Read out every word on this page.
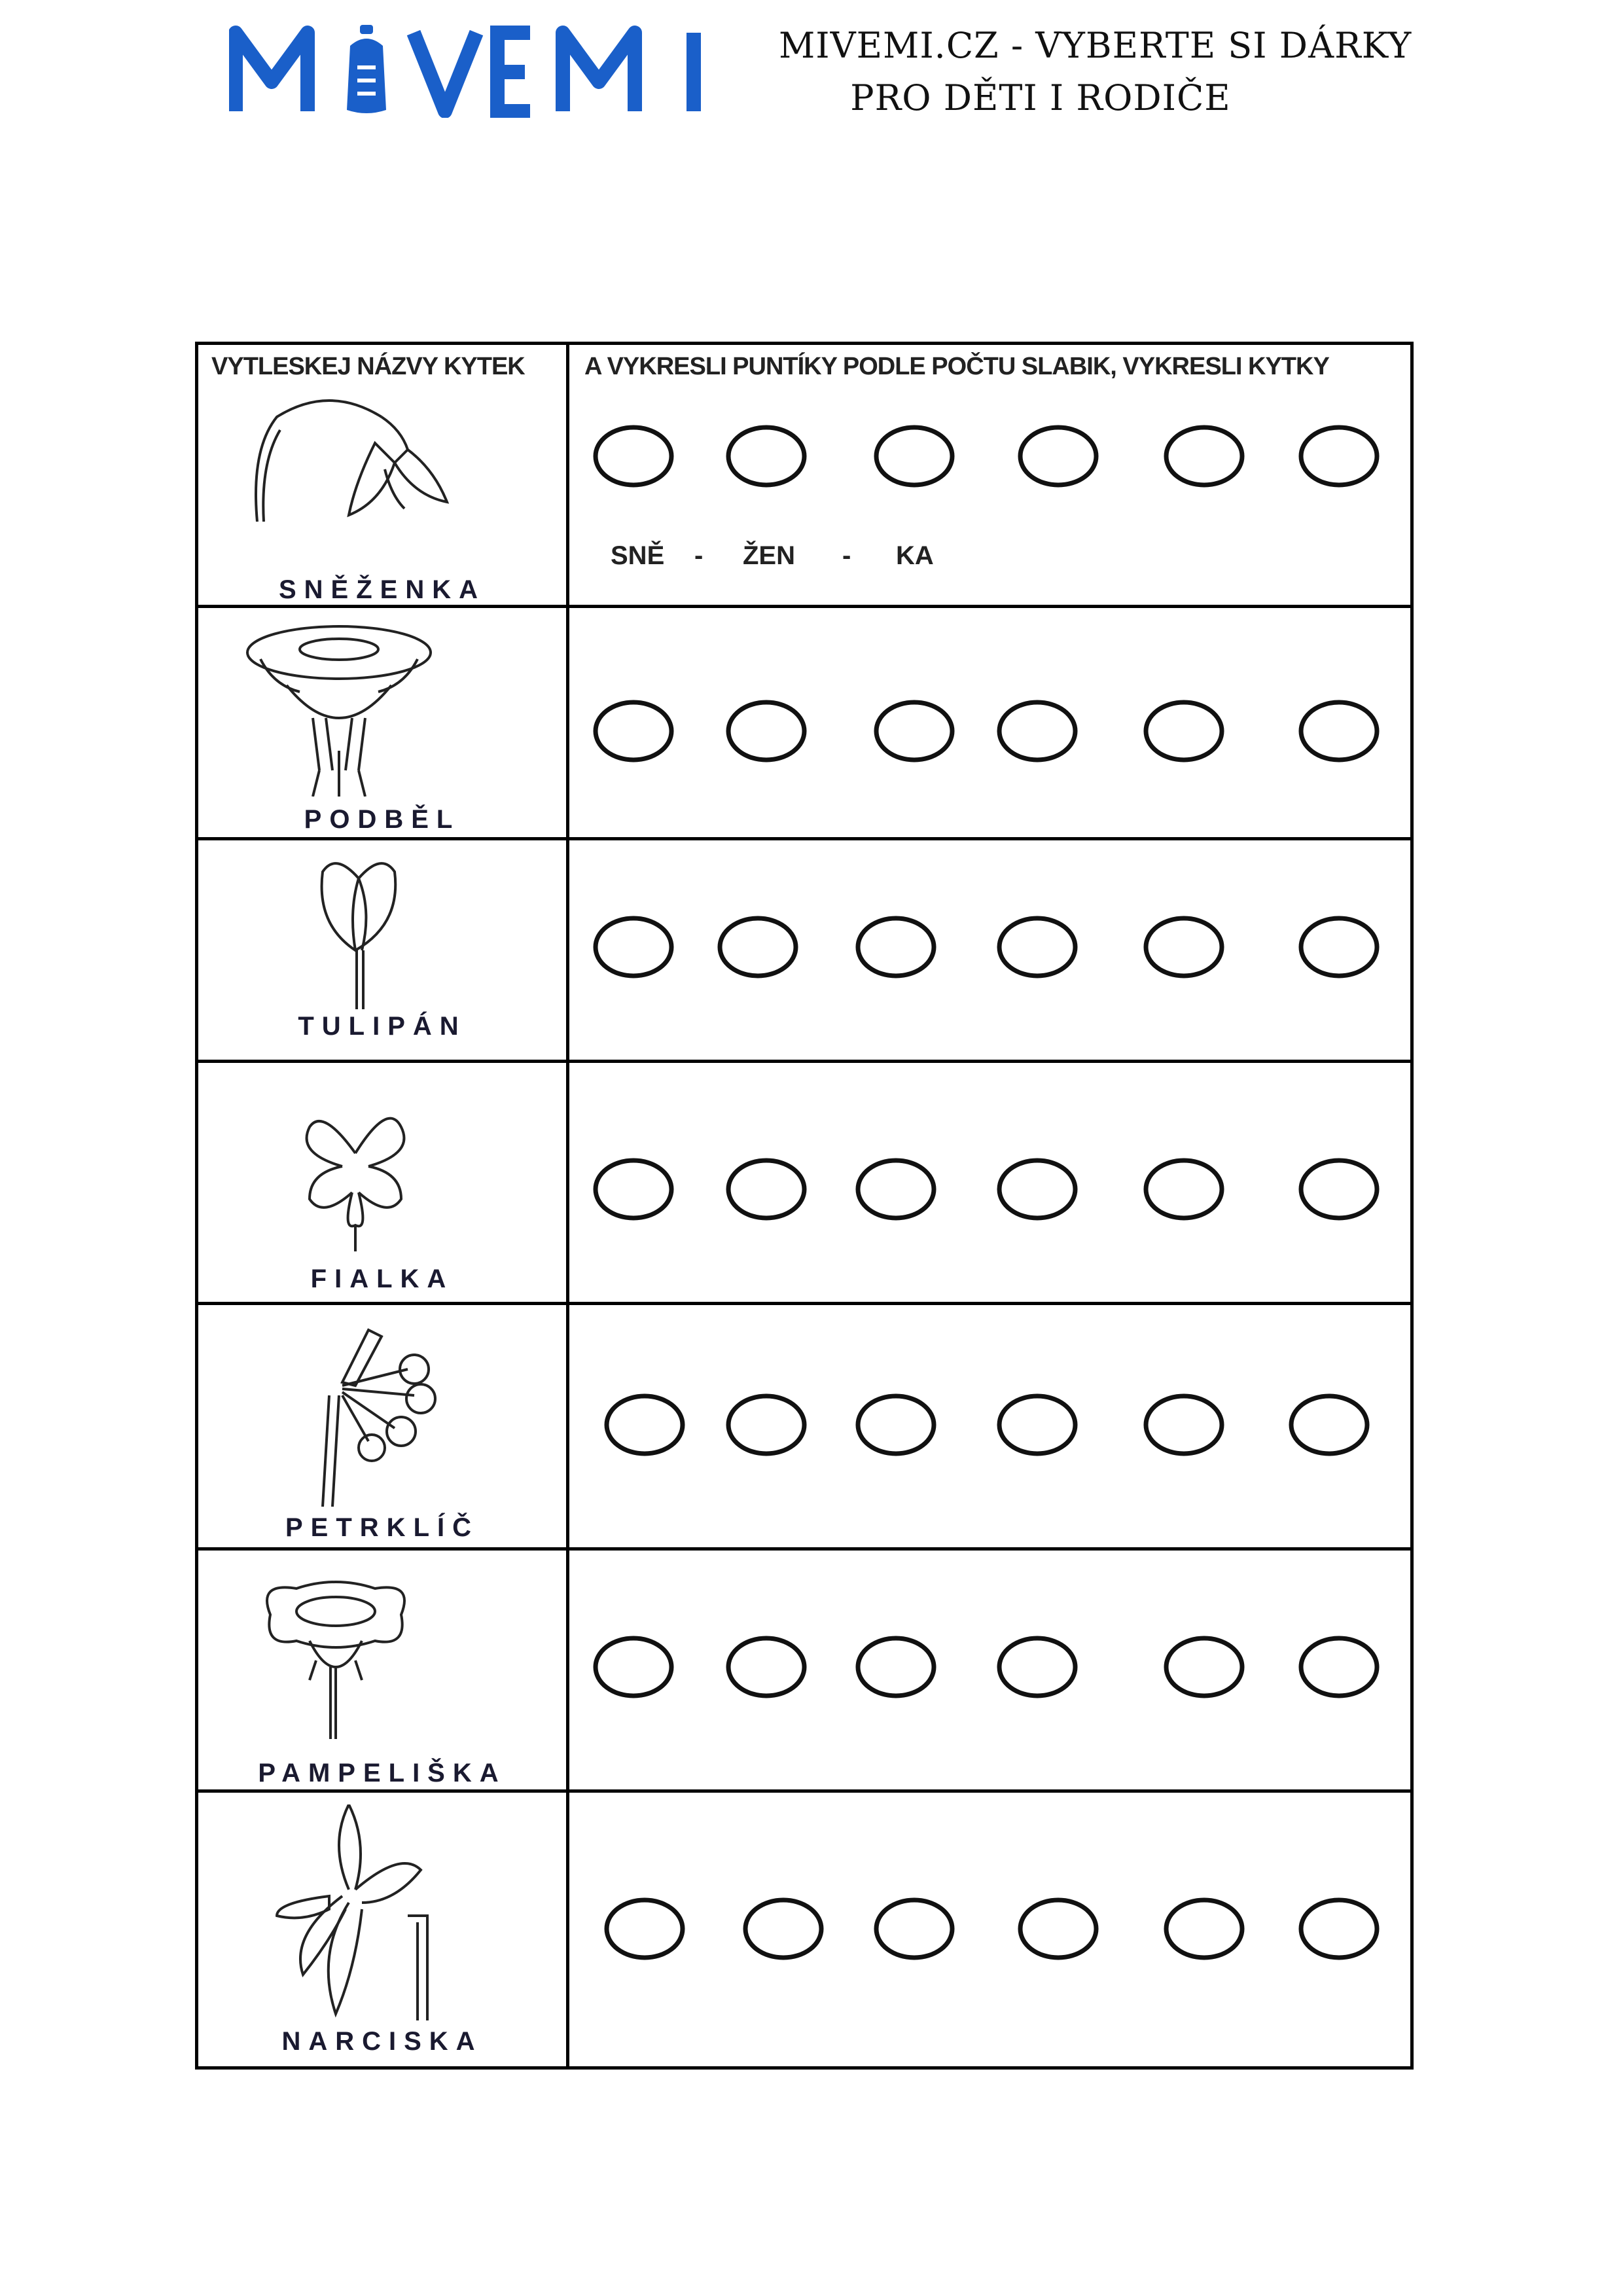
MIVEMI.CZ - VYBERTE SI DÁRKY
PRO DĚTI I RODIČE
VYTLESKEJ NÁZVY KYTEK A VYKRESLI PUNTÍKY PODLE POČTU SLABIK, VYKRESLI KYTKY
SNĚŽENKA
SNĚ - ŽEN - KA
PODBĚL
TULIPÁN
FIALKA
PETRKLÍČ
PAMPELIŠKA
NARCISKA
